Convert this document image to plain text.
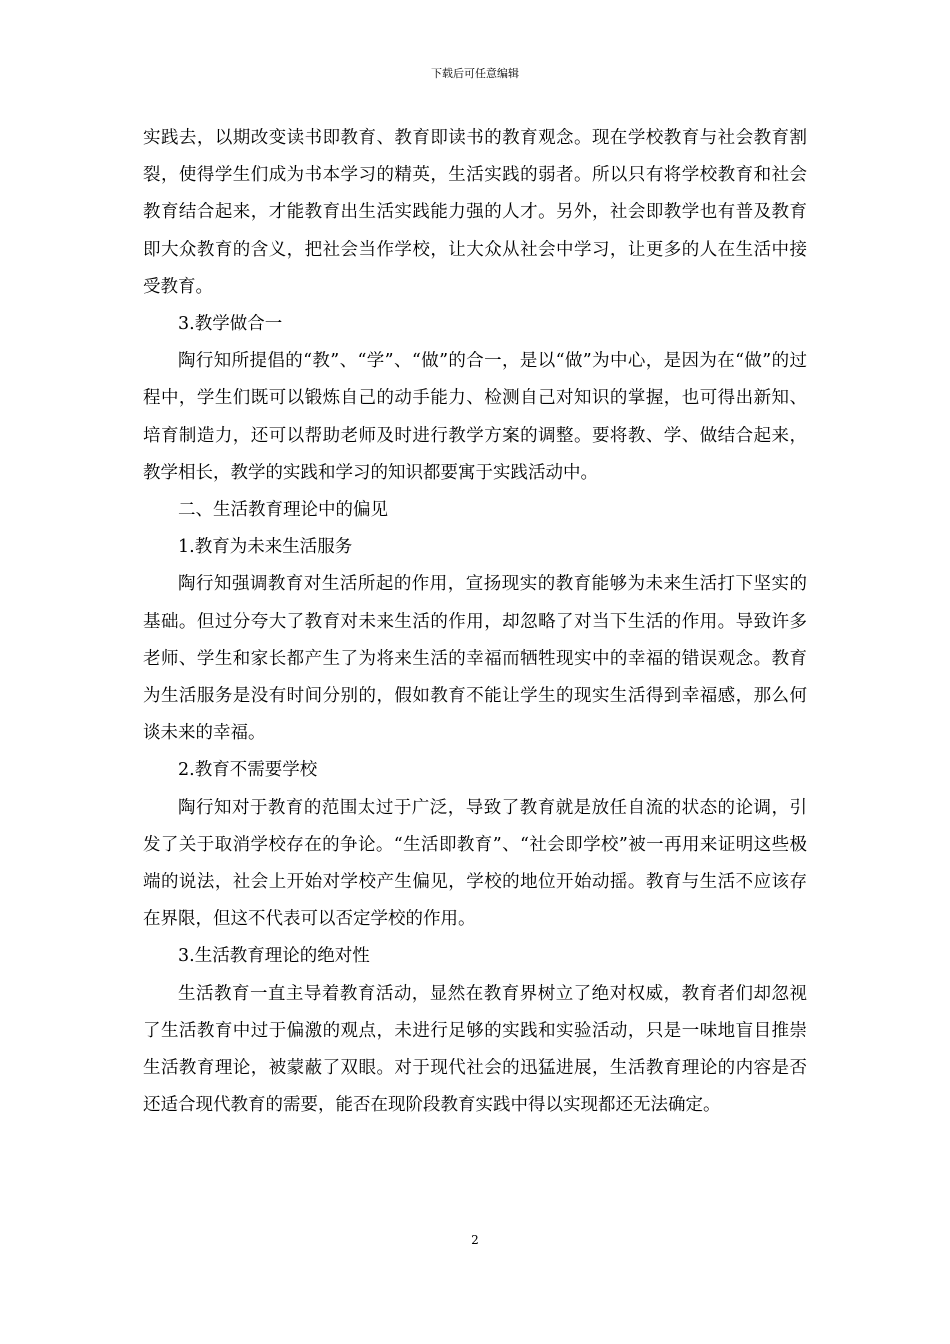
下载后可任意编辑

实践去，以期改变读书即教育、教育即读书的教育观念。现在学校教育与社会教育割裂，使得学生们成为书本学习的精英，生活实践的弱者。所以只有将学校教育和社会教育结合起来，才能教育出生活实践能力强的人才。另外，社会即教学也有普及教育即大众教育的含义，把社会当作学校，让大众从社会中学习，让更多的人在生活中接受教育。

3.教学做合一

陶行知所提倡的“教”、“学”、“做”的合一，是以“做”为中心，是因为在“做”的过程中，学生们既可以锻炼自己的动手能力、检测自己对知识的掌握，也可得出新知、培育制造力，还可以帮助老师及时进行教学方案的调整。要将教、学、做结合起来，教学相长，教学的实践和学习的知识都要寓于实践活动中。

二、生活教育理论中的偏见

1.教育为未来生活服务

陶行知强调教育对生活所起的作用，宣扬现实的教育能够为未来生活打下坚实的基础。但过分夸大了教育对未来生活的作用，却忽略了对当下生活的作用。导致许多老师、学生和家长都产生了为将来生活的幸福而牺牲现实中的幸福的错误观念。教育为生活服务是没有时间分别的，假如教育不能让学生的现实生活得到幸福感，那么何谈未来的幸福。

2.教育不需要学校

陶行知对于教育的范围太过于广泛，导致了教育就是放任自流的状态的论调，引发了关于取消学校存在的争论。“生活即教育”、“社会即学校”被一再用来证明这些极端的说法，社会上开始对学校产生偏见，学校的地位开始动摇。教育与生活不应该存在界限，但这不代表可以否定学校的作用。

3.生活教育理论的绝对性

生活教育一直主导着教育活动，显然在教育界树立了绝对权威，教育者们却忽视了生活教育中过于偏激的观点，未进行足够的实践和实验活动，只是一味地盲目推崇生活教育理论，被蒙蔽了双眼。对于现代社会的迅猛进展，生活教育理论的内容是否还适合现代教育的需要，能否在现阶段教育实践中得以实现都还无法确定。

2
